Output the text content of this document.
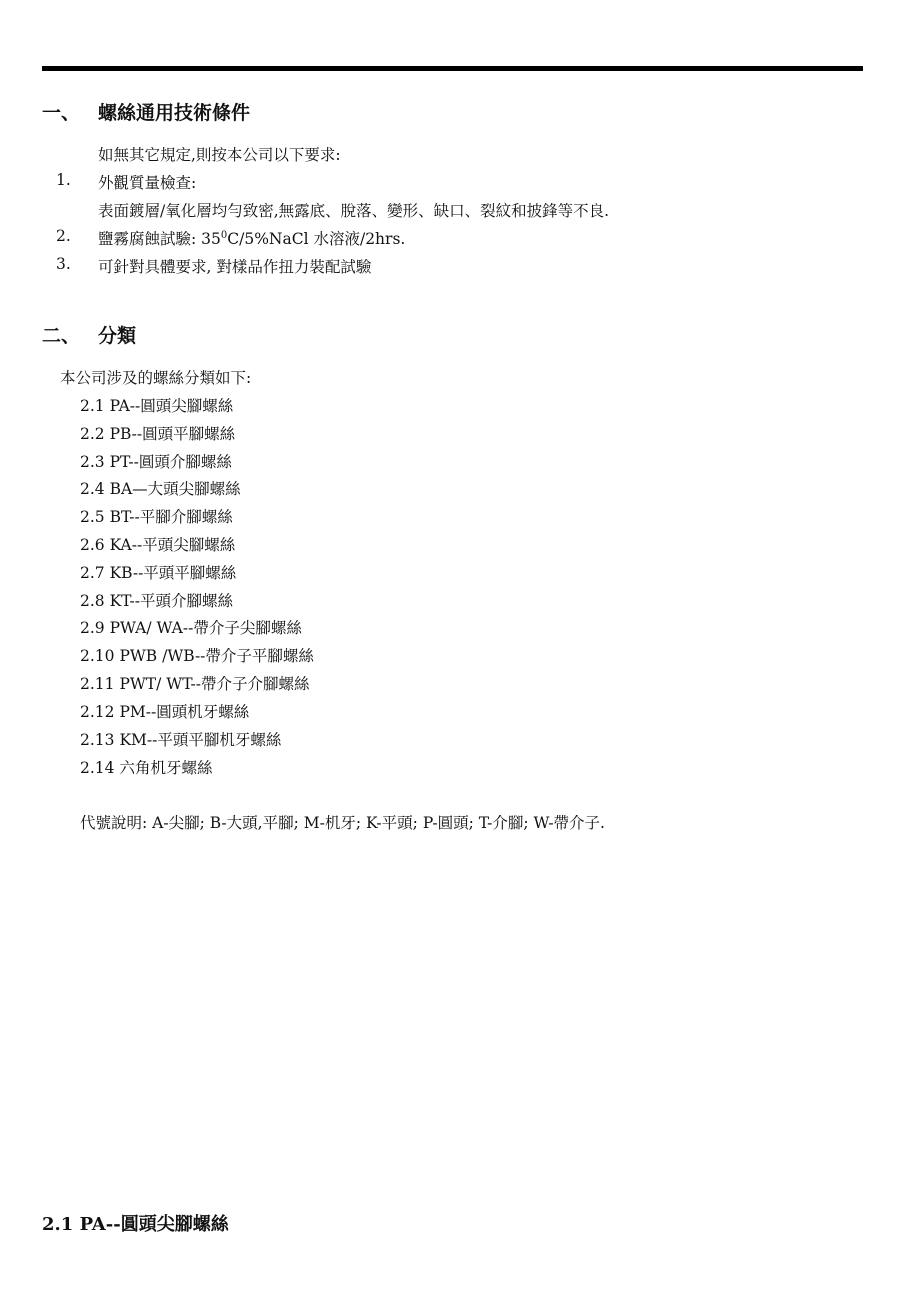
一、 螺絲通用技術條件
如無其它規定,則按本公司以下要求:
1. 外觀質量檢查:
表面鍍層/氧化層均勻致密,無露底、脫落、變形、缺口、裂紋和披鋒等不良.
2. 鹽霧腐蝕試驗: $35^0C/5\%NaCl$ 水溶液/2hrs.
3. 可針對具體要求, 對樣品作扭力裝配試驗
二、 分類
本公司涉及的螺絲分類如下:
2.1 PA--圓頭尖腳螺絲
2.2 PB--圓頭平腳螺絲
2.3 PT--圓頭介腳螺絲
2.4 BA—大頭尖腳螺絲
2.5 BT--平腳介腳螺絲
2.6 KA--平頭尖腳螺絲
2.7 KB--平頭平腳螺絲
2.8 KT--平頭介腳螺絲
2.9 PWA/ WA--帶介子尖腳螺絲
2.10 PWB /WB--帶介子平腳螺絲
2.11 PWT/ WT--帶介子介腳螺絲
2.12 PM--圓頭机牙螺絲
2.13 KM--平頭平腳机牙螺絲
2.14 六角机牙螺絲
代號說明: A-尖腳; B-大頭,平腳; M-机牙; K-平頭; P-圓頭; T-介腳; W-帶介子.
2.1 PA--圓頭尖腳螺絲
